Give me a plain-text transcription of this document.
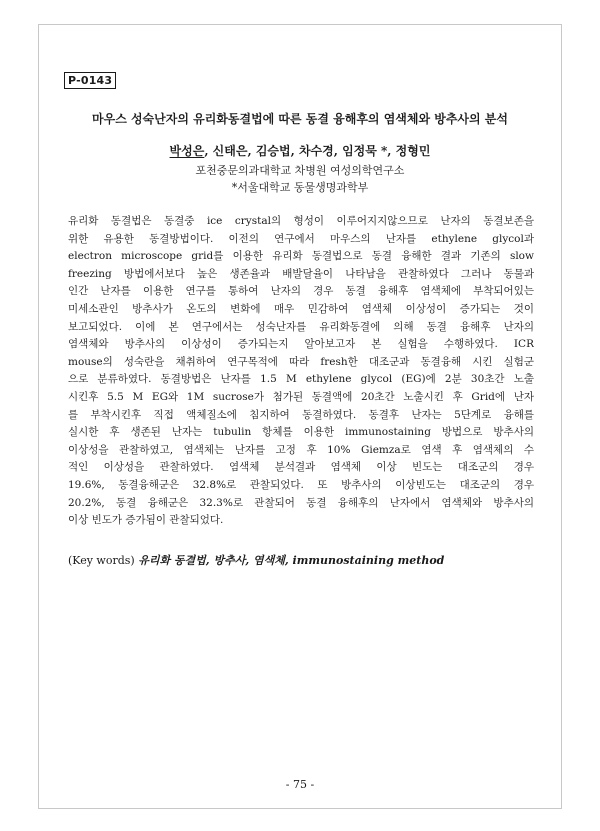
P-0143
마우스 성숙난자의 유리화동결법에 따른 동결 융해후의 염색체와 방추사의 분석
박성은, 신태은, 김승법, 차수경, 임정묵 *, 정형민
포천중문의과대학교 차병원 여성의학연구소
*서울대학교 동물생명과학부
유리화 동결법은 동결중 ice crystal의 형성이 이루어지지않으므로 난자의 동결보존을
위한 유용한 동결방법이다. 이전의 연구에서 마우스의 난자를 ethylene glycol과
electron microscope grid를 이용한 유리화 동결법으로 동결 융해한 결과 기존의 slow
freezing 방법에서보다 높은 생존율과 배발달율이 나타남을 관찰하였다 그러나 동물과
인간 난자를 이용한 연구를 통하여 난자의 경우 동결 융해후 염색체에 부착되어있는
미세소관인 방추사가 온도의 변화에 매우 민감하여 염색체 이상성이 증가되는 것이
보고되었다. 이에 본 연구에서는 성숙난자를 유리화동결에 의해 동결 융해후 난자의
염색체와 방추사의 이상성이 증가되는지 알아보고자 본 실험을 수행하였다. ICR
mouse의 성숙란을 채취하여 연구목적에 따라 fresh한 대조군과 동결융해 시킨 실험군
으로 분류하였다. 동결방법은 난자를 1.5 M ethylene glycol (EG)에 2분 30초간 노출
시킨후 5.5 M EG와 1M sucrose가 첨가된 동결액에 20초간 노출시킨 후 Grid에 난자
를 부착시킨후 직접 액체질소에 침지하여 동결하였다. 동결후 난자는 5단계로 융해를
실시한 후 생존된 난자는 tubulin 항체를 이용한 immunostaining 방법으로 방추사의
이상성을 관찰하였고, 염색체는 난자를 고정 후 10% Giemza로 염색 후 염색체의 수
적인 이상성을 관찰하였다. 염색체 분석결과 염색체 이상 빈도는 대조군의 경우
19.6%, 동결융해군은 32.8%로 관찰되었다. 또 방추사의 이상빈도는 대조군의 경우
20.2%, 동결 융해군은 32.3%로 관찰되어 동결 융해후의 난자에서 염색체와 방추사의
이상 빈도가 증가됨이 관찰되었다.
(Key words) 유리화 동결법, 방추사, 염색체, immunostaining method
- 75 -
